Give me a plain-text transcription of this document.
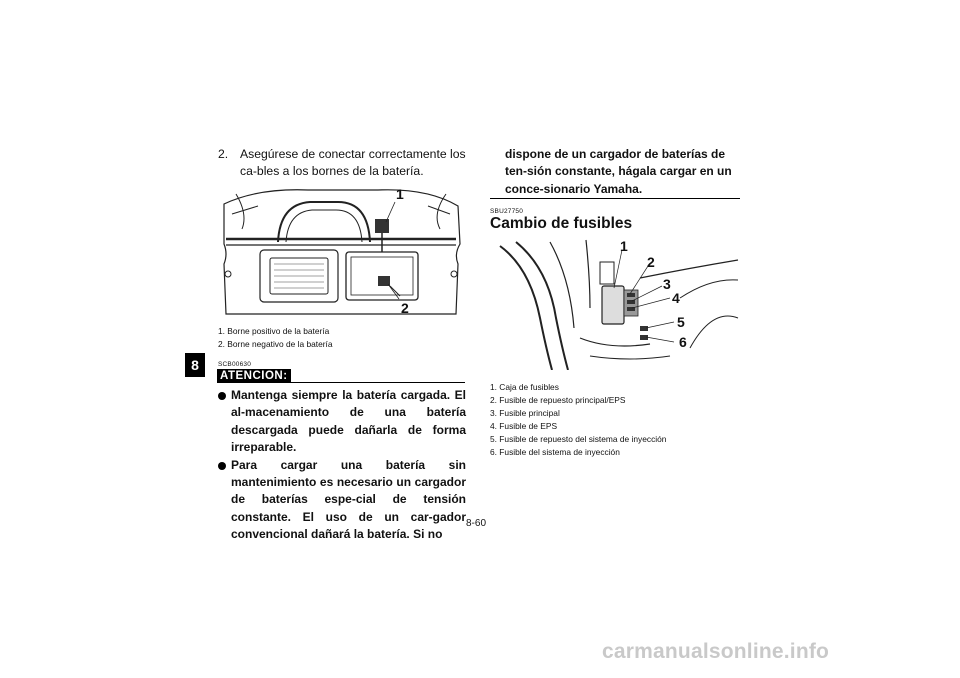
8
2. Asegúrese de conectar correctamente los ca-bles a los bornes de la batería.
1
2
1. Borne positivo de la batería
2. Borne negativo de la batería
SCB00630
ATENCION:
Mantenga siempre la batería cargada. El al-macenamiento de una batería descargada puede dañarla de forma irreparable.
Para cargar una batería sin mantenimiento es necesario un cargador de baterías espe-cial de tensión constante. El uso de un car-gador convencional dañará la batería. Si no
dispone de un cargador de baterías de ten-sión constante, hágala cargar en un conce-sionario Yamaha.
SBU27750
Cambio de fusibles
1
2
3
4
5
6
1. Caja de fusibles
2. Fusible de repuesto principal/EPS
3. Fusible principal
4. Fusible de EPS
5. Fusible de repuesto del sistema de inyección
6. Fusible del sistema de inyección
8-60
carmanualsonline.info
